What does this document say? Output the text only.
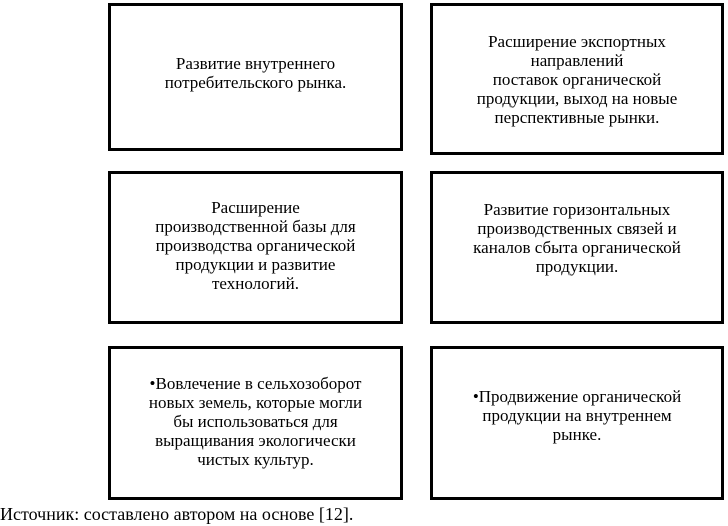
Развитие внутреннего
потребительского рынка.
Расширение экспортных
направлений
поставок органической
продукции, выход на новые
перспективные рынки.
Расширение
производственной базы для
производства органической
продукции и развитие
технологий.
Развитие горизонтальных
производственных связей и
каналов сбыта органической
продукции.
•Вовлечение в сельхозоборот
новых земель, которые могли
бы использоваться для
выращивания экологически
чистых культур.
•Продвижение органической
продукции на внутреннем
рынке.
Источник: составлено автором на основе [12].
